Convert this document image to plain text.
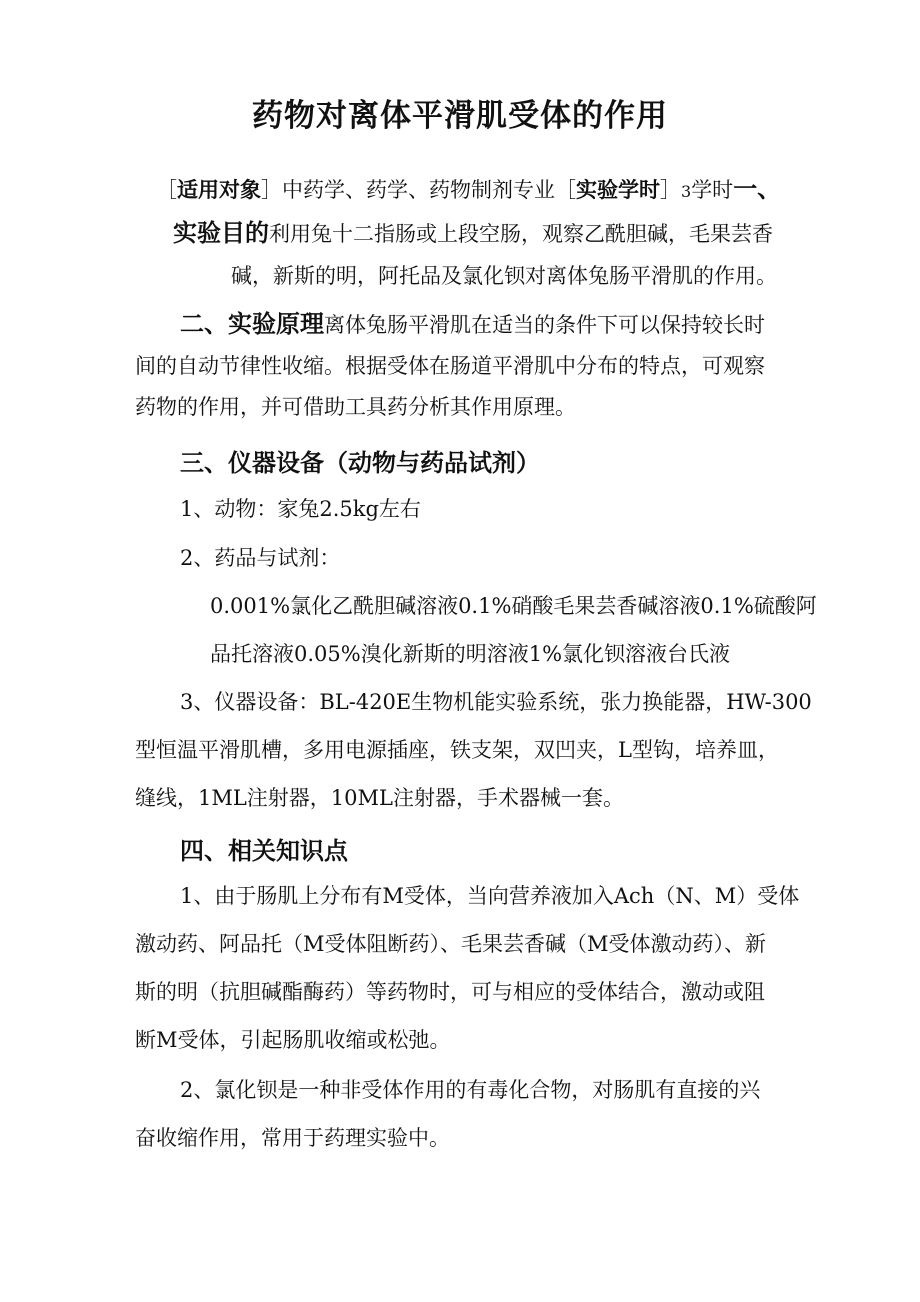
药物对离体平滑肌受体的作用
［适用对象］中药学、药学、药物制剂专业［实验学时］3学时一、
实验目的利用兔十二指肠或上段空肠，观察乙酰胆碱，毛果芸香
碱，新斯的明，阿托品及氯化钡对离体兔肠平滑肌的作用。
二、实验原理离体兔肠平滑肌在适当的条件下可以保持较长时
间的自动节律性收缩。根据受体在肠道平滑肌中分布的特点，可观察
药物的作用，并可借助工具药分析其作用原理。
三、仪器设备（动物与药品试剂）
1、动物：家兔2.5kg左右
2、药品与试剂：
0.001%氯化乙酰胆碱溶液0.1%硝酸毛果芸香碱溶液0.1%硫酸阿
品托溶液0.05%溴化新斯的明溶液1%氯化钡溶液台氏液
3、仪器设备：BL-420E生物机能实验系统，张力换能器，HW-300
型恒温平滑肌槽，多用电源插座，铁支架，双凹夹，L型钩，培养皿，
缝线，1ML注射器，10ML注射器，手术器械一套。
四、相关知识点
1、由于肠肌上分布有M受体，当向营养液加入Ach（N、M）受体
激动药、阿品托（M受体阻断药）、毛果芸香碱（M受体激动药）、新
斯的明（抗胆碱酯酶药）等药物时，可与相应的受体结合，激动或阻
断M受体，引起肠肌收缩或松弛。
2、氯化钡是一种非受体作用的有毒化合物，对肠肌有直接的兴
奋收缩作用，常用于药理实验中。
